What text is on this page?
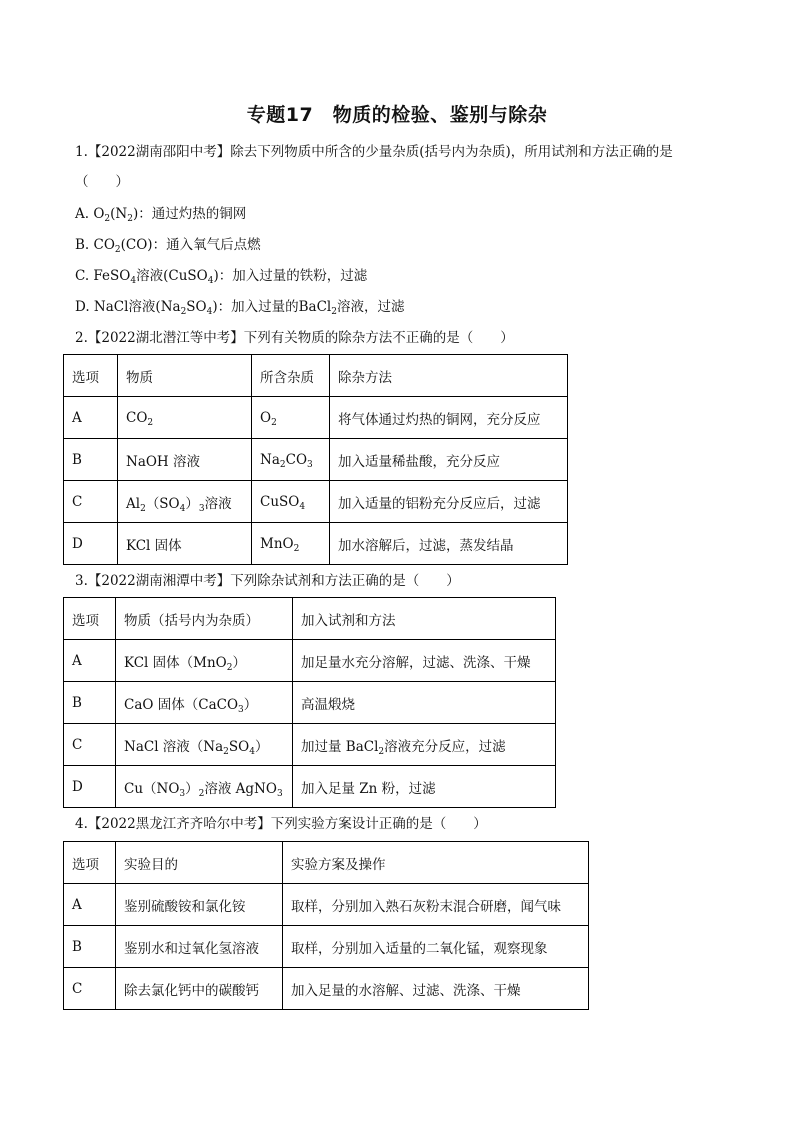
专题17　物质的检验、鉴别与除杂
1.【2022湖南邵阳中考】除去下列物质中所含的少量杂质(括号内为杂质)，所用试剂和方法正确的是
（　　）
A. $O_2(N_2)$：通过灼热的铜网
B. $CO_2(CO)$：通入氧气后点燃
C. FeSO$_4$溶液(CuSO$_4$)：加入过量的铁粉，过滤
D. NaCl溶液$(Na_2SO_4)$：加入过量的BaCl$_2$溶液，过滤
2.【2022湖北潜江等中考】下列有关物质的除杂方法不正确的是（　　）
选项	物质	所含杂质	除杂方法
A	$CO_2$	$O_2$	将气体通过灼热的铜网，充分反应
B	NaOH 溶液	$Na_2CO_3$	加入适量稀盐酸，充分反应
C	$Al_2(SO_4)_3$溶液	CuSO$_4$	加入适量的铝粉充分反应后，过滤
D	KCl 固体	MnO$_2$	加水溶解后，过滤，蒸发结晶
3.【2022湖南湘潭中考】下列除杂试剂和方法正确的是（　　）
选项	物质（括号内为杂质）	加入试剂和方法
A	KCl 固体（MnO$_2$）	加足量水充分溶解，过滤、洗涤、干燥
B	CaO 固体（CaCO$_3$）	高温煅烧
C	NaCl 溶液$(Na_2SO_4)$	加过量 BaCl$_2$溶液充分反应，过滤
D	$Cu(NO_3)_2$溶液 AgNO$_3$	加入足量 Zn 粉，过滤
4.【2022黑龙江齐齐哈尔中考】下列实验方案设计正确的是（　　）
选项	实验目的	实验方案及操作
A	鉴别硫酸铵和氯化铵	取样，分别加入熟石灰粉末混合研磨，闻气味
B	鉴别水和过氧化氢溶液	取样，分别加入适量的二氧化锰，观察现象
C	除去氯化钙中的碳酸钙	加入足量的水溶解、过滤、洗涤、干燥
